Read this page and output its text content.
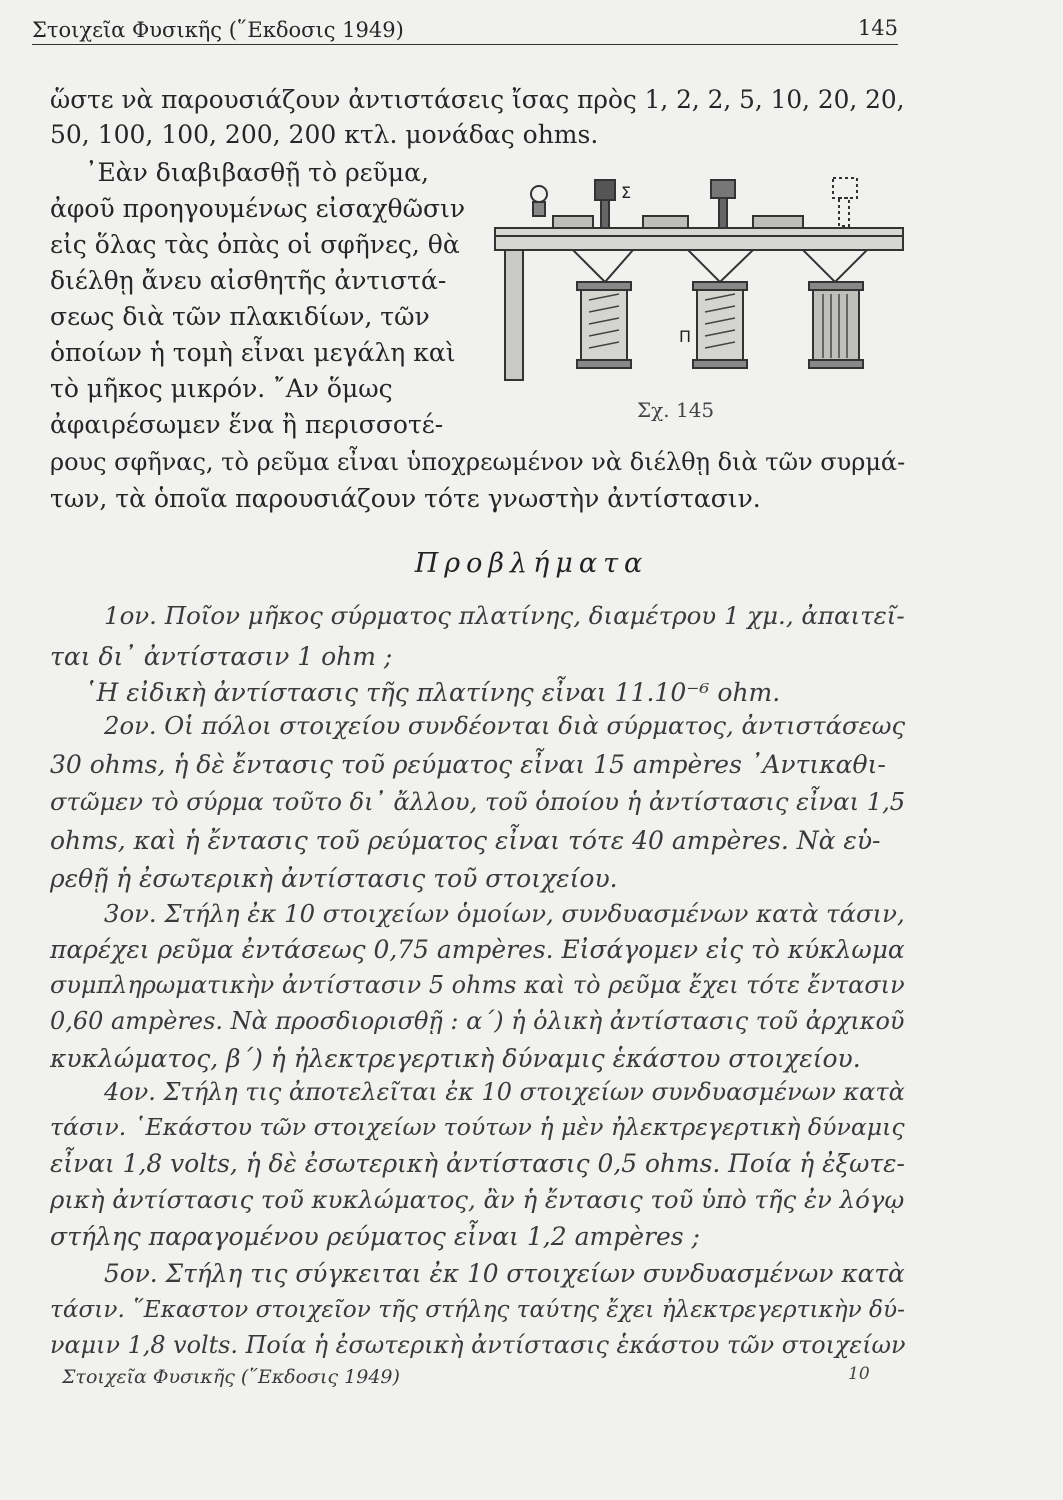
Στοιχεῖα Φυσικῆς (῞Εκδοσις 1949)	145
ὥστε νὰ παρουσιάζουν ἀντιστάσεις ἴσας πρὸς 1, 2, 2, 5, 10, 20, 20,
50, 100, 100, 200, 200 κτλ. μονάδας ohms.
᾿Εὰν διαβιβασθῇ τὸ ρεῦμα,
ἀφοῦ προηγουμένως εἰσαχθῶσιν
εἰς ὅλας τὰς ὀπὰς οἱ σφῆνες, θὰ
διέλθῃ ἄνευ αἰσθητῆς ἀντιστά-
σεως διὰ τῶν πλακιδίων, τῶν
ὁποίων ἡ τομὴ εἶναι μεγάλη καὶ
τὸ μῆκος μικρόν. ῎Αν ὅμως
ἀφαιρέσωμεν ἕνα ἢ περισσοτέ-
ρους σφῆνας, τὸ ρεῦμα εἶναι ὑποχρεωμένον νὰ διέλθῃ διὰ τῶν συρμά-
των, τὰ ὁποῖα παρουσιάζουν τότε γνωστὴν ἀντίστασιν.
Σ
Π
Σχ. 145
Προβλήματα
1ον. Ποῖον μῆκος σύρματος πλατίνης, διαμέτρου 1 χμ., ἀπαιτεῖ-
ται δι᾿ ἀντίστασιν 1 ohm ;
῾Η εἰδικὴ ἀντίστασις τῆς πλατίνης εἶναι 11.10⁻⁶ ohm.
2ον. Οἱ πόλοι στοιχείου συνδέονται διὰ σύρματος, ἀντιστάσεως
30 ohms, ἡ δὲ ἔντασις τοῦ ρεύματος εἶναι 15 ampères ᾿Αντικαθι-
στῶμεν τὸ σύρμα τοῦτο δι᾿ ἄλλου, τοῦ ὁποίου ἡ ἀντίστασις εἶναι 1,5
ohms, καὶ ἡ ἔντασις τοῦ ρεύματος εἶναι τότε 40 ampères. Νὰ εὑ-
ρεθῇ ἡ ἐσωτερικὴ ἀντίστασις τοῦ στοιχείου.
3ον. Στήλη ἐκ 10 στοιχείων ὁμοίων, συνδυασμένων κατὰ τάσιν,
παρέχει ρεῦμα ἐντάσεως 0,75 ampères. Εἰσάγομεν εἰς τὸ κύκλωμα
συμπληρωματικὴν ἀντίστασιν 5 ohms καὶ τὸ ρεῦμα ἔχει τότε ἔντασιν
0,60 ampères. Νὰ προσδιορισθῇ : α´) ἡ ὁλικὴ ἀντίστασις τοῦ ἀρχικοῦ
κυκλώματος, β´) ἡ ἠλεκτρεγερτικὴ δύναμις ἑκάστου στοιχείου.
4ον. Στήλη τις ἀποτελεῖται ἐκ 10 στοιχείων συνδυασμένων κατὰ
τάσιν. ῾Εκάστου τῶν στοιχείων τούτων ἡ μὲν ἠλεκτρεγερτικὴ δύναμις
εἶναι 1,8 volts, ἡ δὲ ἐσωτερικὴ ἀντίστασις 0,5 ohms. Ποία ἡ ἐξωτε-
ρικὴ ἀντίστασις τοῦ κυκλώματος, ἂν ἡ ἔντασις τοῦ ὑπὸ τῆς ἐν λόγῳ
στήλης παραγομένου ρεύματος εἶναι 1,2 ampères ;
5ον. Στήλη τις σύγκειται ἐκ 10 στοιχείων συνδυασμένων κατὰ
τάσιν. ῞Εκαστον στοιχεῖον τῆς στήλης ταύτης ἔχει ἠλεκτρεγερτικὴν δύ-
ναμιν 1,8 volts. Ποία ἡ ἐσωτερικὴ ἀντίστασις ἑκάστου τῶν στοιχείων
Στοιχεῖα Φυσικῆς (῞Εκδοσις 1949)	10
